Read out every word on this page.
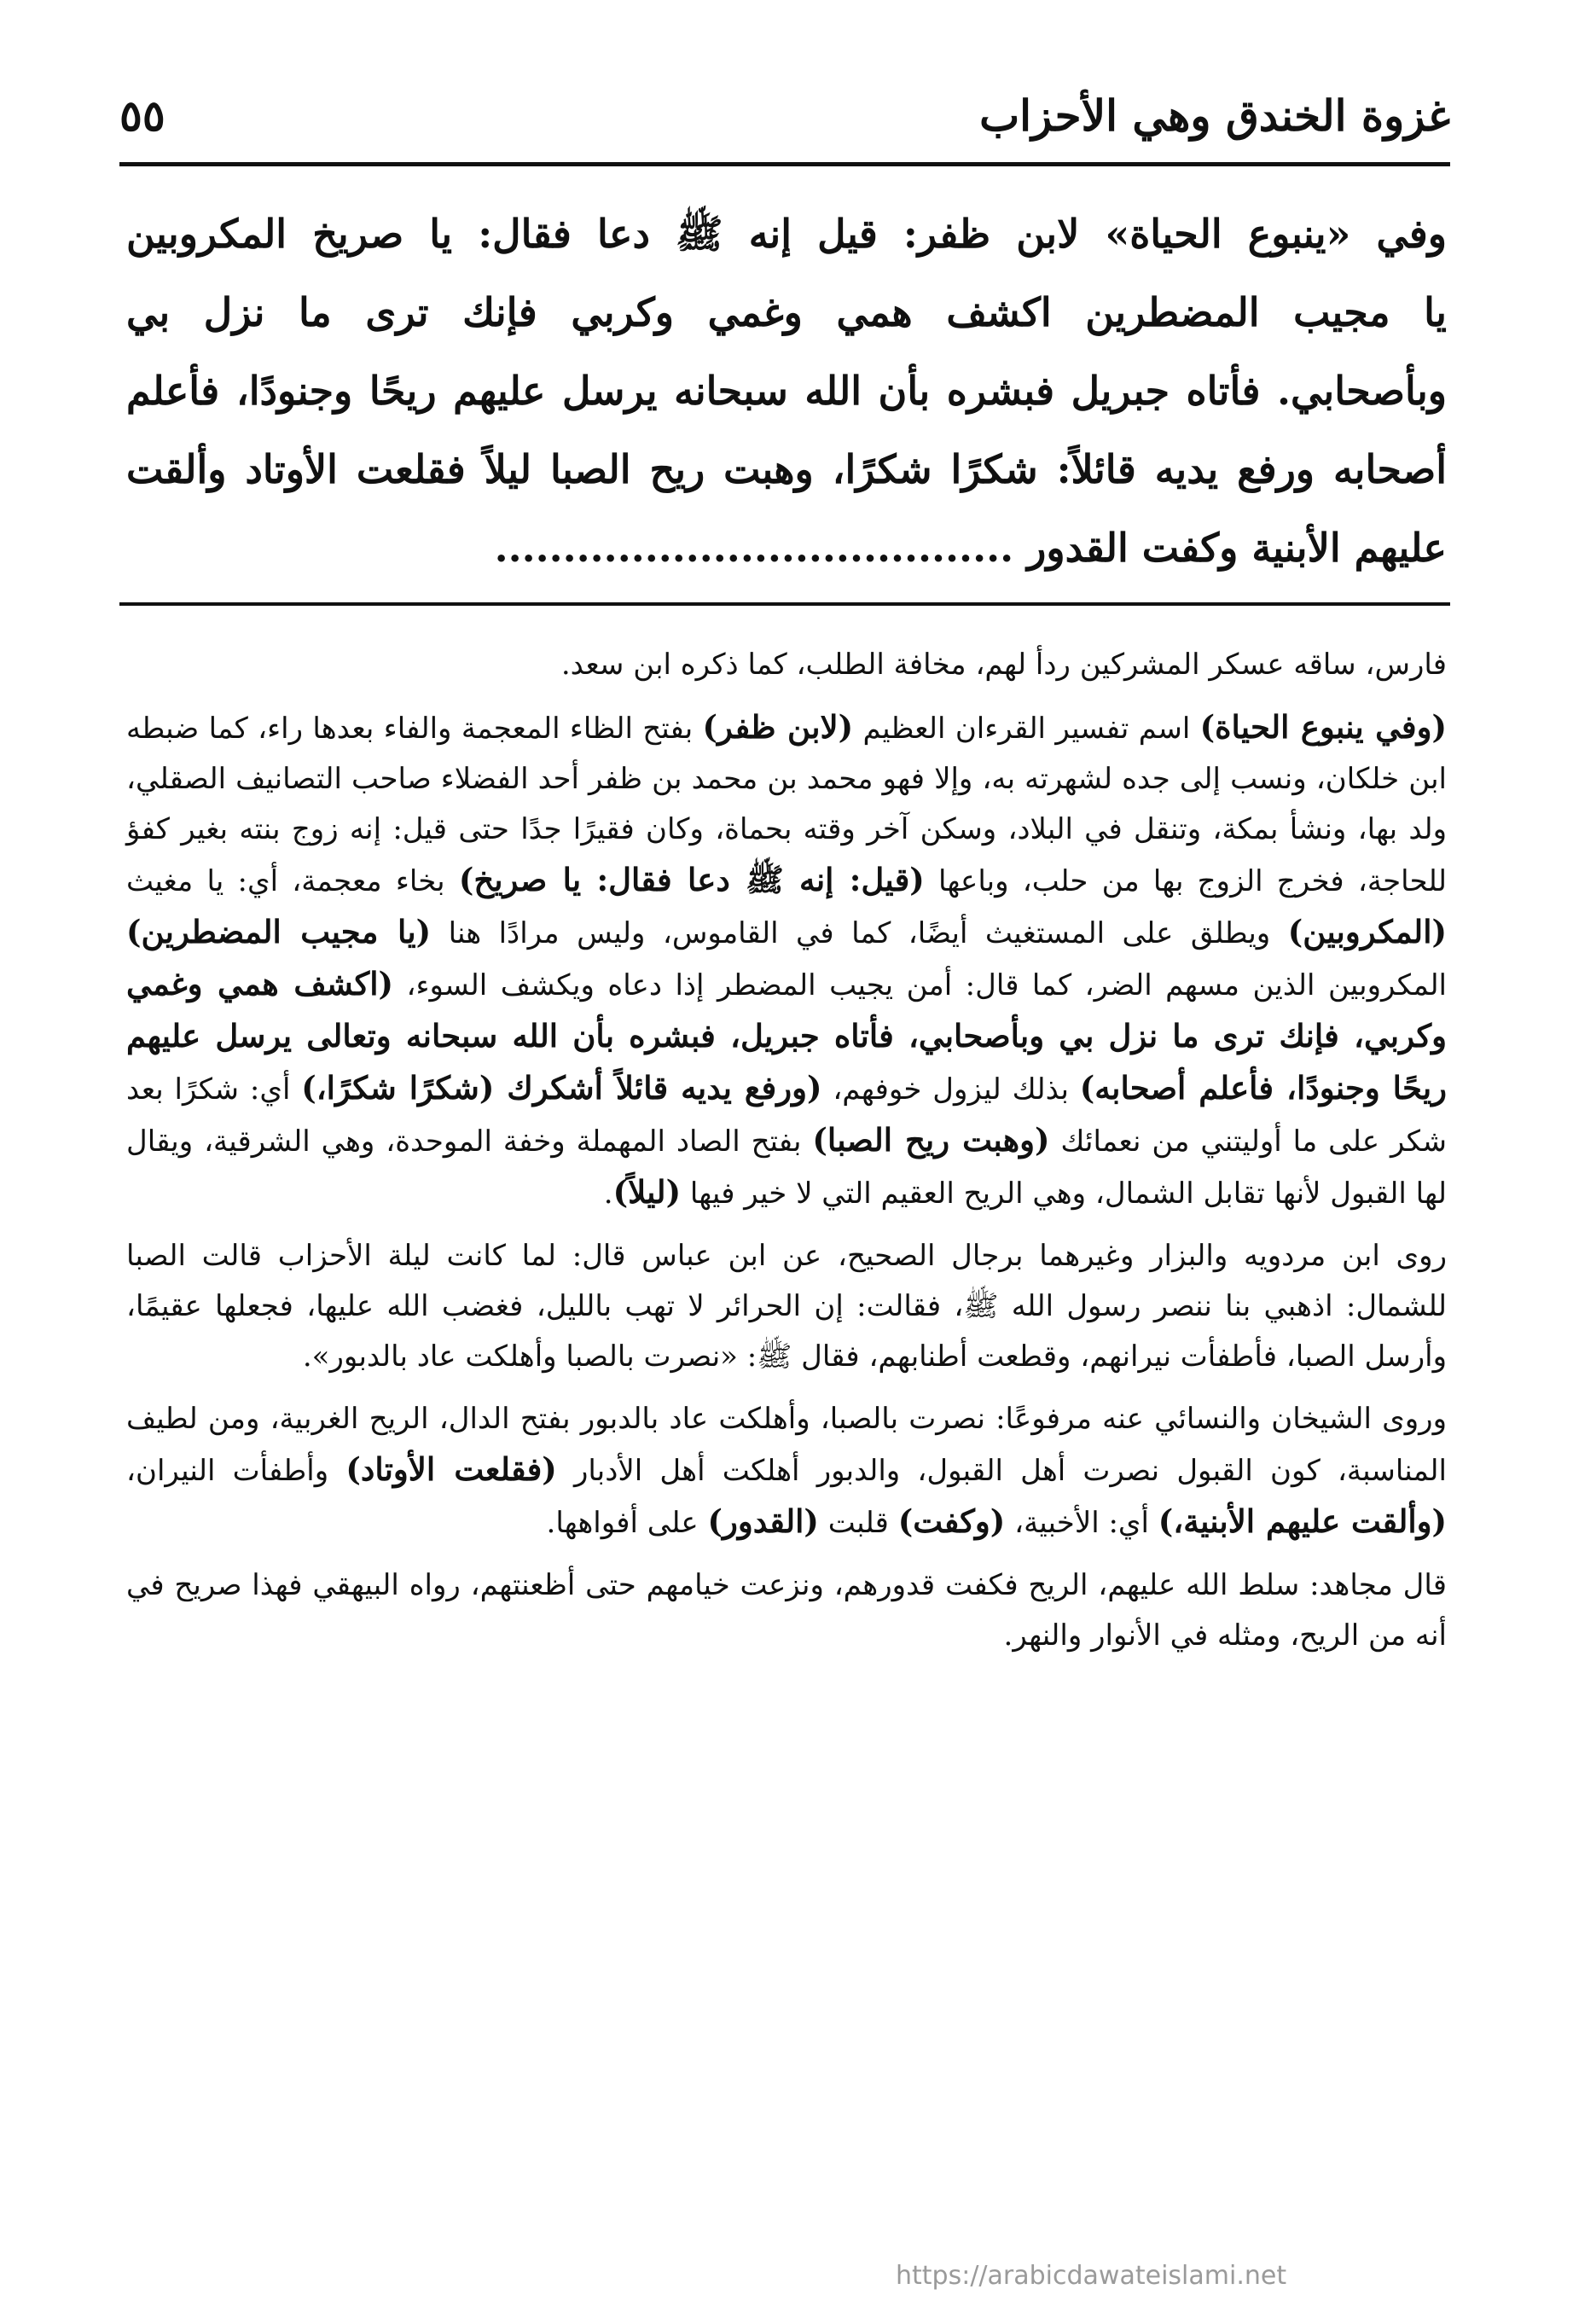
غزوة الخندق وهي الأحزاب
٥٥
وفي «ينبوع الحياة» لابن ظفر: قيل إنه ﷺ دعا فقال: يا صريخ المكروبين
يا مجيب المضطرين اكشف همي وغمي وكربي فإنك ترى ما نزل بي
وبأصحابي. فأتاه جبريل فبشره بأن الله سبحانه يرسل عليهم ريحًا وجنودًا، فأعلم
أصحابه ورفع يديه قائلاً: شكرًا شكرًا، وهبت ريح الصبا ليلاً فقلعت الأوتاد وألقت
عليهم الأبنية وكفت القدور ......................................

فارس، ساقه عسكر المشركين ردأ لهم، مخافة الطلب، كما ذكره ابن سعد.

(وفي ينبوع الحياة) اسم تفسير القرءان العظيم (لابن ظفر) بفتح الظاء المعجمة والفاء بعدها راء، كما ضبطه ابن خلكان، ونسب إلى جده لشهرته به، وإلا فهو محمد بن محمد بن ظفر أحد الفضلاء صاحب التصانيف الصقلي، ولد بها، ونشأ بمكة، وتنقل في البلاد، وسكن آخر وقته بحماة، وكان فقيرًا جدًا حتى قيل: إنه زوج بنته بغير كفؤ للحاجة، فخرج الزوج بها من حلب، وباعها (قيل: إنه ﷺ دعا فقال: يا صريخ) بخاء معجمة، أي: يا مغيث (المكروبين) ويطلق على المستغيث أيضًا، كما في القاموس، وليس مرادًا هنا (يا مجيب المضطرين) المكروبين الذين مسهم الضر، كما قال: أمن يجيب المضطر إذا دعاه ويكشف السوء، (اكشف همي وغمي وكربي، فإنك ترى ما نزل بي وبأصحابي، فأتاه جبريل، فبشره بأن الله سبحانه وتعالى يرسل عليهم ريحًا وجنودًا، فأعلم أصحابه) بذلك ليزول خوفهم، (ورفع يديه قائلاً أشكرك (شكرًا شكرًا،) أي: شكرًا بعد شكر على ما أوليتني من نعمائك (وهبت ريح الصبا) بفتح الصاد المهملة وخفة الموحدة، وهي الشرقية، ويقال لها القبول لأنها تقابل الشمال، وهي الريح العقيم التي لا خير فيها (ليلاً).

روى ابن مردويه والبزار وغيرهما برجال الصحيح، عن ابن عباس قال: لما كانت ليلة الأحزاب قالت الصبا للشمال: اذهبي بنا ننصر رسول الله ﷺ، فقالت: إن الحرائر لا تهب بالليل، فغضب الله عليها، فجعلها عقيمًا، وأرسل الصبا، فأطفأت نيرانهم، وقطعت أطنابهم، فقال ﷺ: «نصرت بالصبا وأهلكت عاد بالدبور».

وروى الشيخان والنسائي عنه مرفوعًا: نصرت بالصبا، وأهلكت عاد بالدبور بفتح الدال، الريح الغربية، ومن لطيف المناسبة، كون القبول نصرت أهل القبول، والدبور أهلكت أهل الأدبار (فقلعت الأوتاد) وأطفأت النيران، (وألقت عليهم الأبنية،) أي: الأخبية، (وكفت) قلبت (القدور) على أفواهها.

قال مجاهد: سلط الله عليهم، الريح فكفت قدورهم، ونزعت خيامهم حتى أظعنتهم، رواه البيهقي فهذا صريح في أنه من الريح، ومثله في الأنوار والنهر.

https://arabicdawateislami.net
